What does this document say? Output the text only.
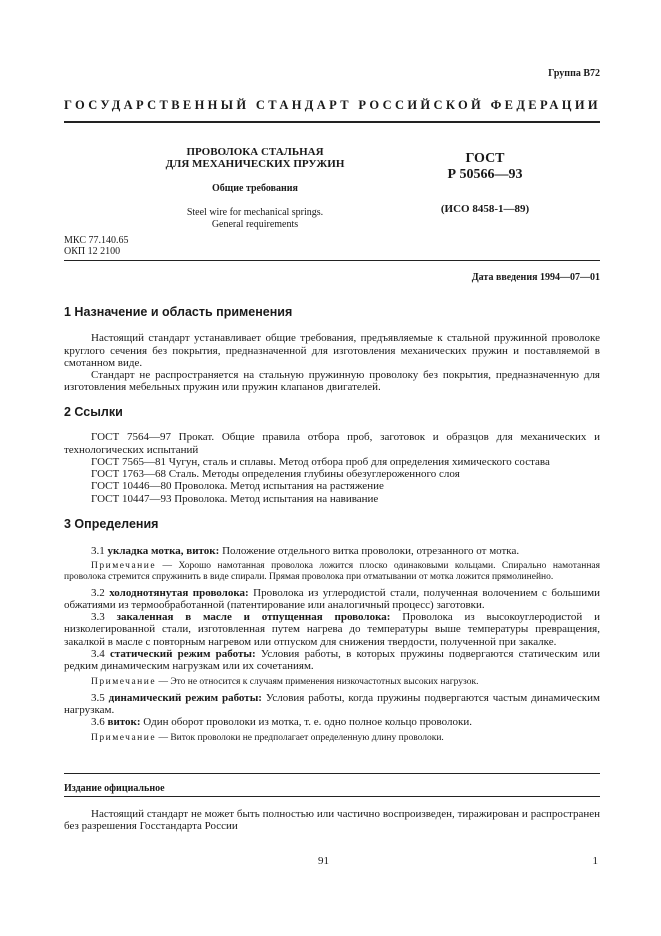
Группа В72
ГОСУДАРСТВЕННЫЙ СТАНДАРТ РОССИЙСКОЙ ФЕДЕРАЦИИ
ПРОВОЛОКА СТАЛЬНАЯ
ДЛЯ МЕХАНИЧЕСКИХ ПРУЖИН
Общие требования
Steel wire for mechanical springs.
General requirements
ГОСТ
Р 50566—93
(ИСО 8458-1—89)
МКС 77.140.65
ОКП 12 2100
Дата введения 1994—07—01
1 Назначение и область применения

Настоящий стандарт устанавливает общие требования, предъявляемые к стальной пружинной проволоке круглого сечения без покрытия, предназначенной для изготовления механических пружин и поставляемой в смотанном виде.

Стандарт не распространяется на стальную пружинную проволоку без покрытия, предназначенную для изготовления мебельных пружин или пружин клапанов двигателей.

2 Ссылки

ГОСТ 7564—97 Прокат. Общие правила отбора проб, заготовок и образцов для механических и технологических испытаний

ГОСТ 7565—81 Чугун, сталь и сплавы. Метод отбора проб для определения химического состава

ГОСТ 1763—68 Сталь. Методы определения глубины обезуглероженного слоя

ГОСТ 10446—80 Проволока. Метод испытания на растяжение

ГОСТ 10447—93 Проволока. Метод испытания на навивание

3 Определения

3.1 укладка мотка, виток: Положение отдельного витка проволоки, отрезанного от мотка.

Примечание — Хорошо намотанная проволока ложится плоско одинаковыми кольцами. Спирально намотанная проволока стремится спружинить в виде спирали. Прямая проволока при отматывании от мотка ложится прямолинейно.

3.2 холоднотянутая проволока: Проволока из углеродистой стали, полученная волочением с большими обжатиями из термообработанной (патентирование или аналогичный процесс) заготовки.

3.3 закаленная в масле и отпущенная проволока: Проволока из высокоуглеродистой и низколегированной стали, изготовленная путем нагрева до температуры выше температуры превращения, закалкой в масле с повторным нагревом или отпуском для снижения твердости, полученной при закалке.

3.4 статический режим работы: Условия работы, в которых пружины подвергаются статическим или редким динамическим нагрузкам или их сочетаниям.

Примечание — Это не относится к случаям применения низкочастотных высоких нагрузок.

3.5 динамический режим работы: Условия работы, когда пружины подвергаются частым динамическим нагрузкам.

3.6 виток: Один оборот проволоки из мотка, т. е. одно полное кольцо проволоки.

Примечание — Виток проволоки не предполагает определенную длину проволоки.

Издание официальное

Настоящий стандарт не может быть полностью или частично воспроизведен, тиражирован и распространен без разрешения Госстандарта России

91	1
